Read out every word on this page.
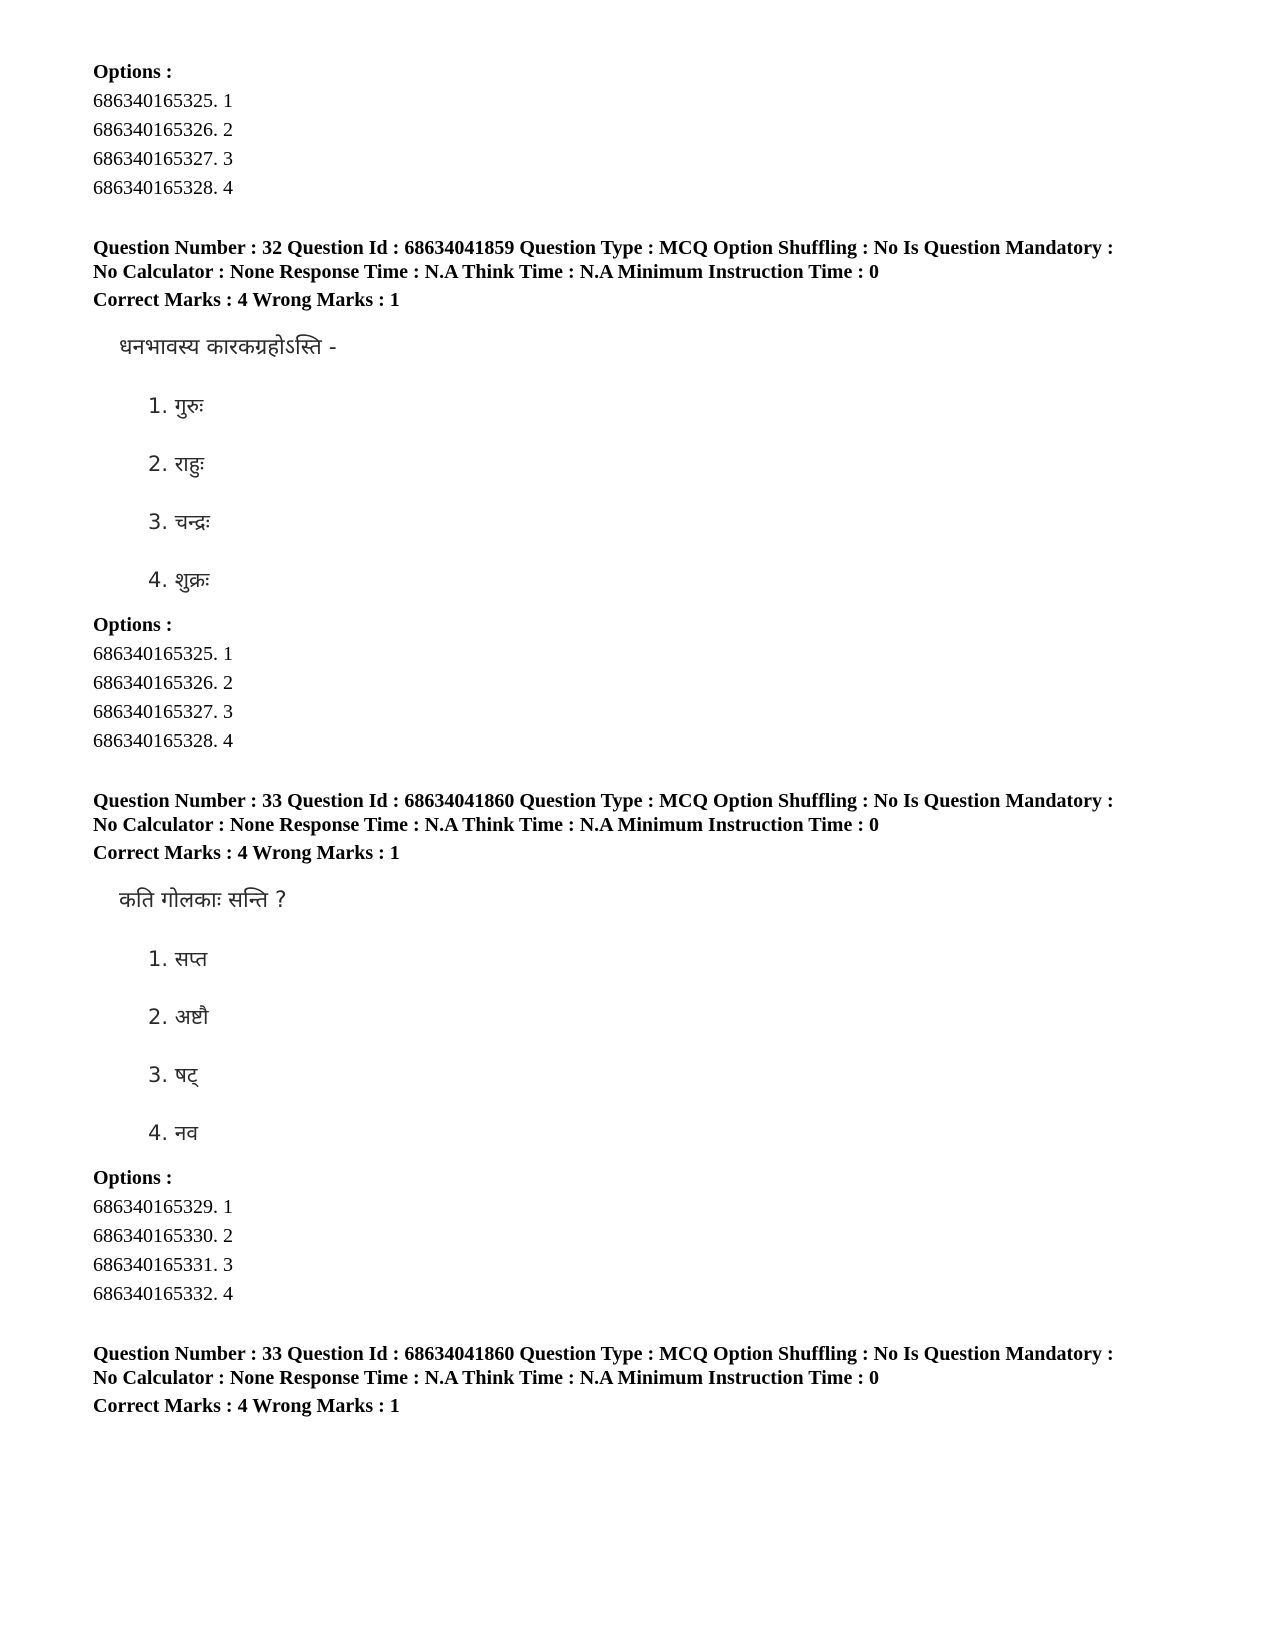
Options :
686340165325. 1
686340165326. 2
686340165327. 3
686340165328. 4
Question Number : 32 Question Id : 68634041859 Question Type : MCQ Option Shuffling : No Is Question Mandatory :
No Calculator : None Response Time : N.A Think Time : N.A Minimum Instruction Time : 0
Correct Marks : 4 Wrong Marks : 1
धनभावस्य कारकग्रहोऽस्ति -
1. गुरुः
2. राहुः
3. चन्द्रः
4. शुक्रः
Options :
686340165325. 1
686340165326. 2
686340165327. 3
686340165328. 4
Question Number : 33 Question Id : 68634041860 Question Type : MCQ Option Shuffling : No Is Question Mandatory :
No Calculator : None Response Time : N.A Think Time : N.A Minimum Instruction Time : 0
Correct Marks : 4 Wrong Marks : 1
कति गोलकाः सन्ति ?
1. सप्त
2. अष्टौ
3. षट्
4. नव
Options :
686340165329. 1
686340165330. 2
686340165331. 3
686340165332. 4
Question Number : 33 Question Id : 68634041860 Question Type : MCQ Option Shuffling : No Is Question Mandatory :
No Calculator : None Response Time : N.A Think Time : N.A Minimum Instruction Time : 0
Correct Marks : 4 Wrong Marks : 1
